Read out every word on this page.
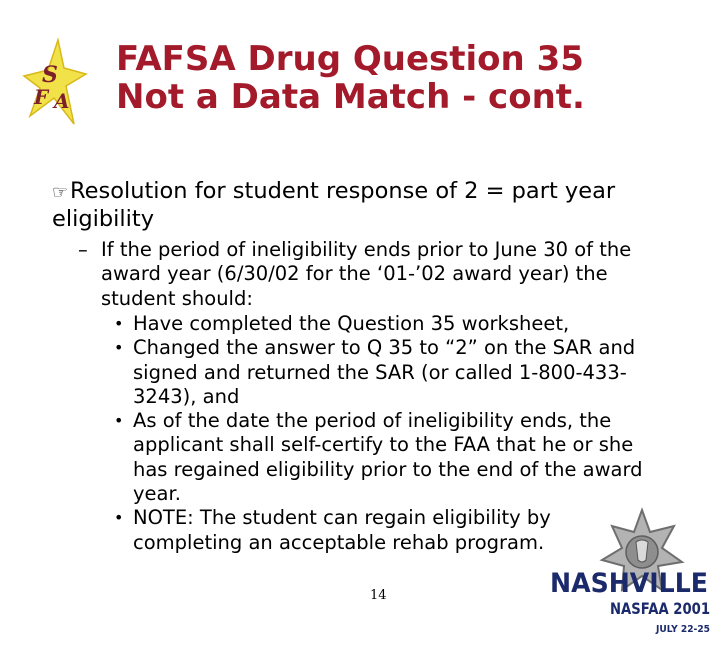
S
F A
FAFSA Drug Question 35
Not a Data Match - cont.
☞Resolution for student response of 2 = part year eligibility
– If the period of ineligibility ends prior to June 30 of the award year (6/30/02 for the ‘01-’02 award year) the student should:
• Have completed the Question 35 worksheet,
• Changed the answer to Q 35 to “2” on the SAR and signed and returned the SAR (or called 1-800-433-3243), and
• As of the date the period of ineligibility ends, the applicant shall self-certify to the FAA that he or she has regained eligibility prior to the end of the award year.
• NOTE: The student can regain eligibility by completing an acceptable rehab program.
14	NASHVILLE
NASFAA 2001
JULY 22-25
